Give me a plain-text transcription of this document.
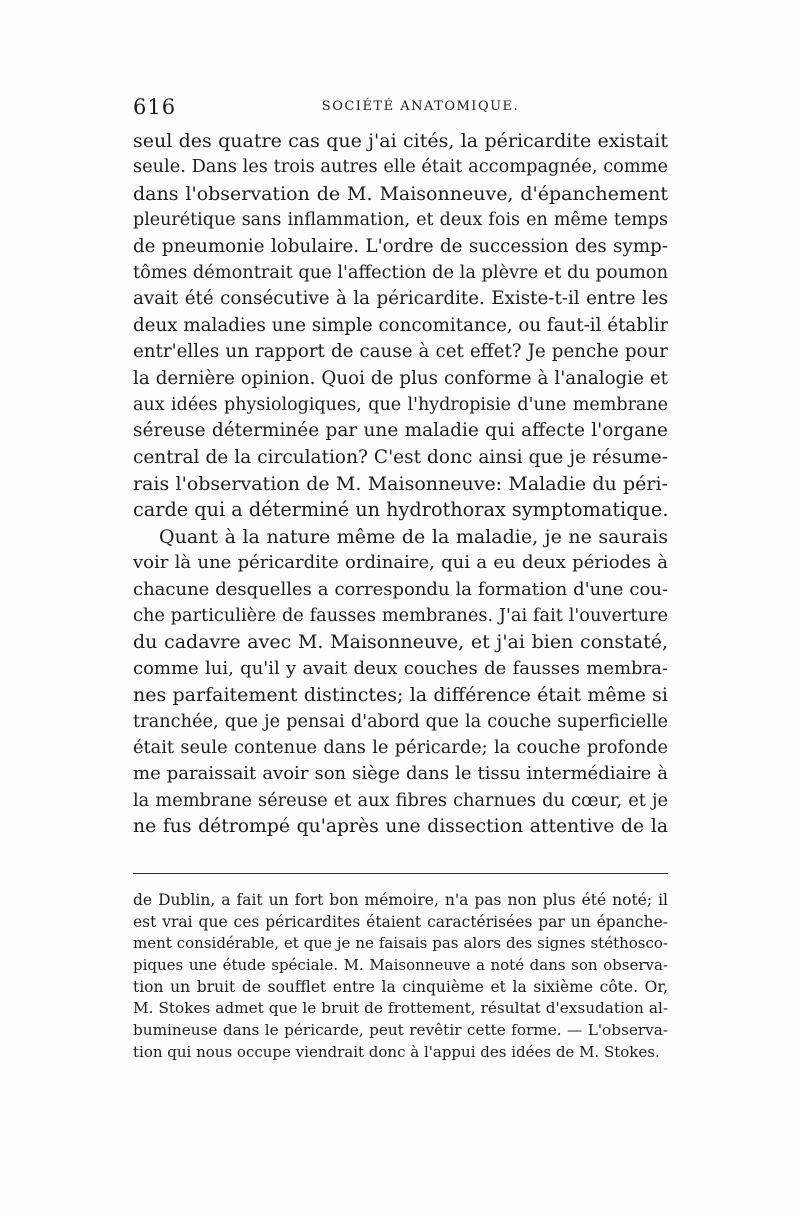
616	SOCIÉTÉ ANATOMIQUE.
seul des quatre cas que j'ai cités, la péricardite existait
seule. Dans les trois autres elle était accompagnée, comme
dans l'observation de M. Maisonneuve, d'épanchement
pleurétique sans inflammation, et deux fois en même temps
de pneumonie lobulaire. L'ordre de succession des symp-
tômes démontrait que l'affection de la plèvre et du poumon
avait été consécutive à la péricardite. Existe-t-il entre les
deux maladies une simple concomitance, ou faut-il établir
entr'elles un rapport de cause à cet effet? Je penche pour
la dernière opinion. Quoi de plus conforme à l'analogie et
aux idées physiologiques, que l'hydropisie d'une membrane
séreuse déterminée par une maladie qui affecte l'organe
central de la circulation? C'est donc ainsi que je résume-
rais l'observation de M. Maisonneuve: Maladie du péri-
carde qui a déterminé un hydrothorax symptomatique.
Quant à la nature même de la maladie, je ne saurais
voir là une péricardite ordinaire, qui a eu deux périodes à
chacune desquelles a correspondu la formation d'une cou-
che particulière de fausses membranes. J'ai fait l'ouverture
du cadavre avec M. Maisonneuve, et j'ai bien constaté,
comme lui, qu'il y avait deux couches de fausses membra-
nes parfaitement distinctes; la différence était même si
tranchée, que je pensai d'abord que la couche superficielle
était seule contenue dans le péricarde; la couche profonde
me paraissait avoir son siège dans le tissu intermédiaire à
la membrane séreuse et aux fibres charnues du cœur, et je
ne fus détrompé qu'après une dissection attentive de la
de Dublin, a fait un fort bon mémoire, n'a pas non plus été noté; il
est vrai que ces péricardites étaient caractérisées par un épanche-
ment considérable, et que je ne faisais pas alors des signes stéthosco-
piques une étude spéciale. M. Maisonneuve a noté dans son observa-
tion un bruit de soufflet entre la cinquième et la sixième côte. Or,
M. Stokes admet que le bruit de frottement, résultat d'exsudation al-
bumineuse dans le péricarde, peut revêtir cette forme. — L'observa-
tion qui nous occupe viendrait donc à l'appui des idées de M. Stokes.
